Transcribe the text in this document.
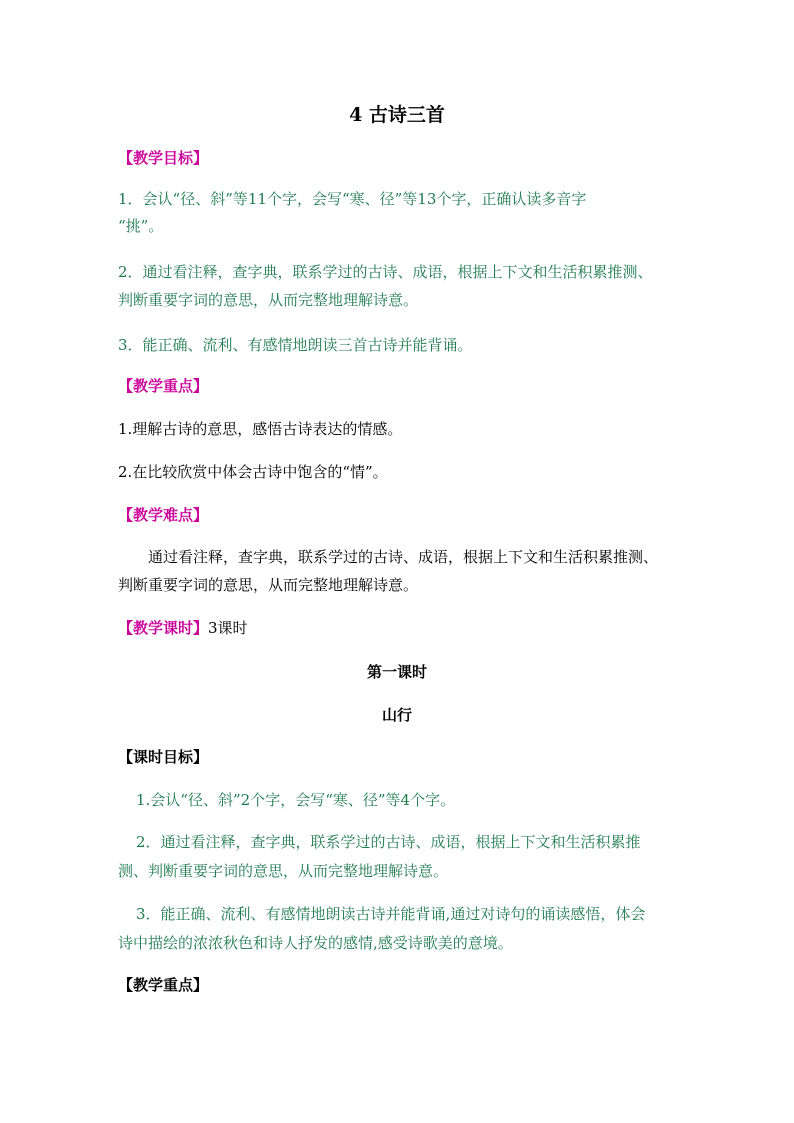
4 古诗三首
【教学目标】
1．会认“径、斜”等11个字，会写“寒、径”等13个字，正确认读多音字
“挑”。
2．通过看注释，查字典，联系学过的古诗、成语，根据上下文和生活积累推测、
判断重要字词的意思，从而完整地理解诗意。
3．能正确、流利、有感情地朗读三首古诗并能背诵。
【教学重点】
1.理解古诗的意思，感悟古诗表达的情感。
2.在比较欣赏中体会古诗中饱含的“情”。
【教学难点】
通过看注释，查字典，联系学过的古诗、成语，根据上下文和生活积累推测、
判断重要字词的意思，从而完整地理解诗意。
【教学课时】3课时
第一课时
山行
【课时目标】
1.会认“径、斜”2个字，会写“寒、径”等4个字。
2．通过看注释，查字典，联系学过的古诗、成语，根据上下文和生活积累推
测、判断重要字词的意思，从而完整地理解诗意。
3．能正确、流利、有感情地朗读古诗并能背诵,通过对诗句的诵读感悟，体会
诗中描绘的浓浓秋色和诗人抒发的感情,感受诗歌美的意境。
【教学重点】
